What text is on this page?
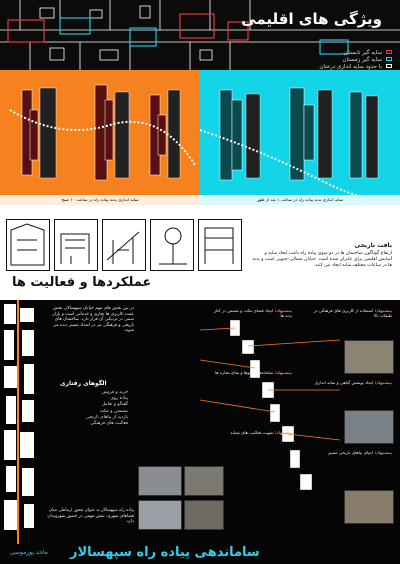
ویژگی های اقلیمی
سایه گیر تابستان
سایه گیر زمستان
با حدود سایه اندازی درختان
سایه اندازی بدنه پیاده راه در ساعت ۱۰ صبح	سایه اندازی بدنه پیاده راه در ساعت ۱ بعد از ظهر
عملکردها و فعالیت ها
بافت تاریخی

ارتفاع گوناگون ساختمان ها در دو سوی پیاده راه باعث ایجاد سایه و آسایش اقلیمی برای عابران شده است. خیابان شمالی-جنوبی است و بدنه ها در ساعات مختلف سایه ایجاد می کنند.

در بین بخش های مهم خیابان سپهسالار، بخش عمده کاربری ها تجاری و خدماتی است و بازار سنتی در نزدیکی آن قرار دارد. ساختمان های تاریخی و فرهنگی نیز در امتداد مسیر دیده می شوند.
الگوهای رفتاری
خرید و فروش
پیاده روی
گفتگو و تعامل
نشستن و مکث
بازدید از بناهای تاریخی
فعالیت های فرهنگی
پیاده راه سپهسالار به عنوان محور ارتباطی میان فضاهای شهری، نقش مهمی در حضور شهروندان دارد.
پیشنهاد: ایجاد فضای مکث و نشیمن در کنار بدنه ها
پیشنهاد: استفاده از کاربری های فرهنگی در طبقات بالا
پیشنهاد: ساماندهی تابلوها و نمای مغازه ها
پیشنهاد: ایجاد پوشش گیاهی و سایه اندازی
پیشنهاد: تقویت فعالیت های شبانه
پیشنهاد: احیای بناهای تاریخی مسیر
ساماندهی پیاده راه سپهسالار
ماجد پورموسی
